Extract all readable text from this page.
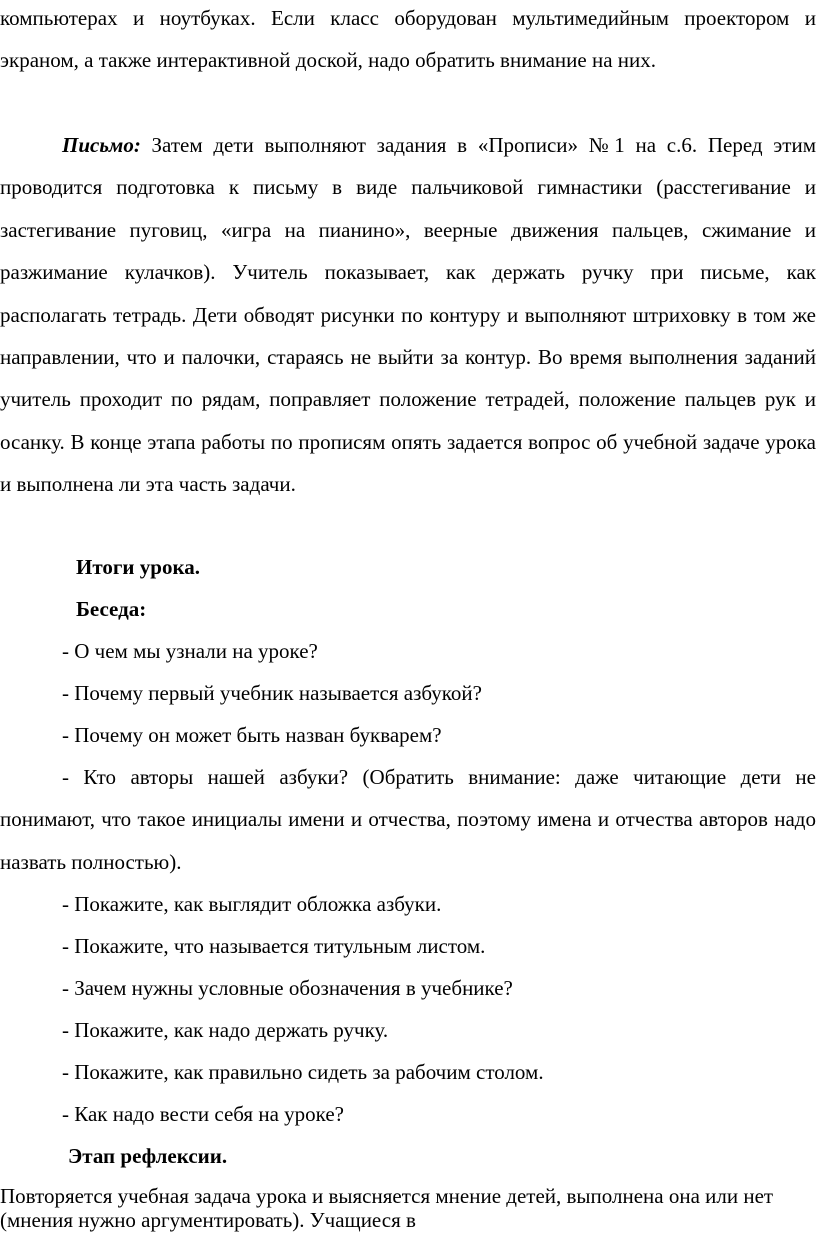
компьютерах и ноутбуках. Если класс оборудован мультимедийным проектором и экраном, а также интерактивной доской, надо обратить внимание на них.

Письмо: Затем дети выполняют задания в «Прописи» №1 на с.6. Перед этим проводится подготовка к письму в виде пальчиковой гимнастики (расстегивание и застегивание пуговиц, «игра на пианино», веерные движения пальцев, сжимание и разжимание кулачков). Учитель показывает, как держать ручку при письме, как располагать тетрадь. Дети обводят рисунки по контуру и выполняют штриховку в том же направлении, что и палочки, стараясь не выйти за контур. Во время выполнения заданий учитель проходит по рядам, поправляет положение тетрадей, положение пальцев рук и осанку. В конце этапа работы по прописям опять задается вопрос об учебной задаче урока и выполнена ли эта часть задачи.

Итоги урока.
Беседа:
- О чем мы узнали на уроке?
- Почему первый учебник называется азбукой?
- Почему он может быть назван букварем?

- Кто авторы нашей азбуки? (Обратить внимание: даже читающие дети не понимают, что такое инициалы имени и отчества, поэтому имена и отчества авторов надо назвать полностью).

- Покажите, как выглядит обложка азбуки.
- Покажите, что называется титульным листом.
- Зачем нужны условные обозначения в учебнике?
- Покажите, как надо держать ручку.
- Покажите, как правильно сидеть за рабочим столом.
- Как надо вести себя на уроке?
Этап рефлексии.

Повторяется учебная задача урока и выясняется мнение детей, выполнена она или нет (мнения нужно аргументировать). Учащиеся в
